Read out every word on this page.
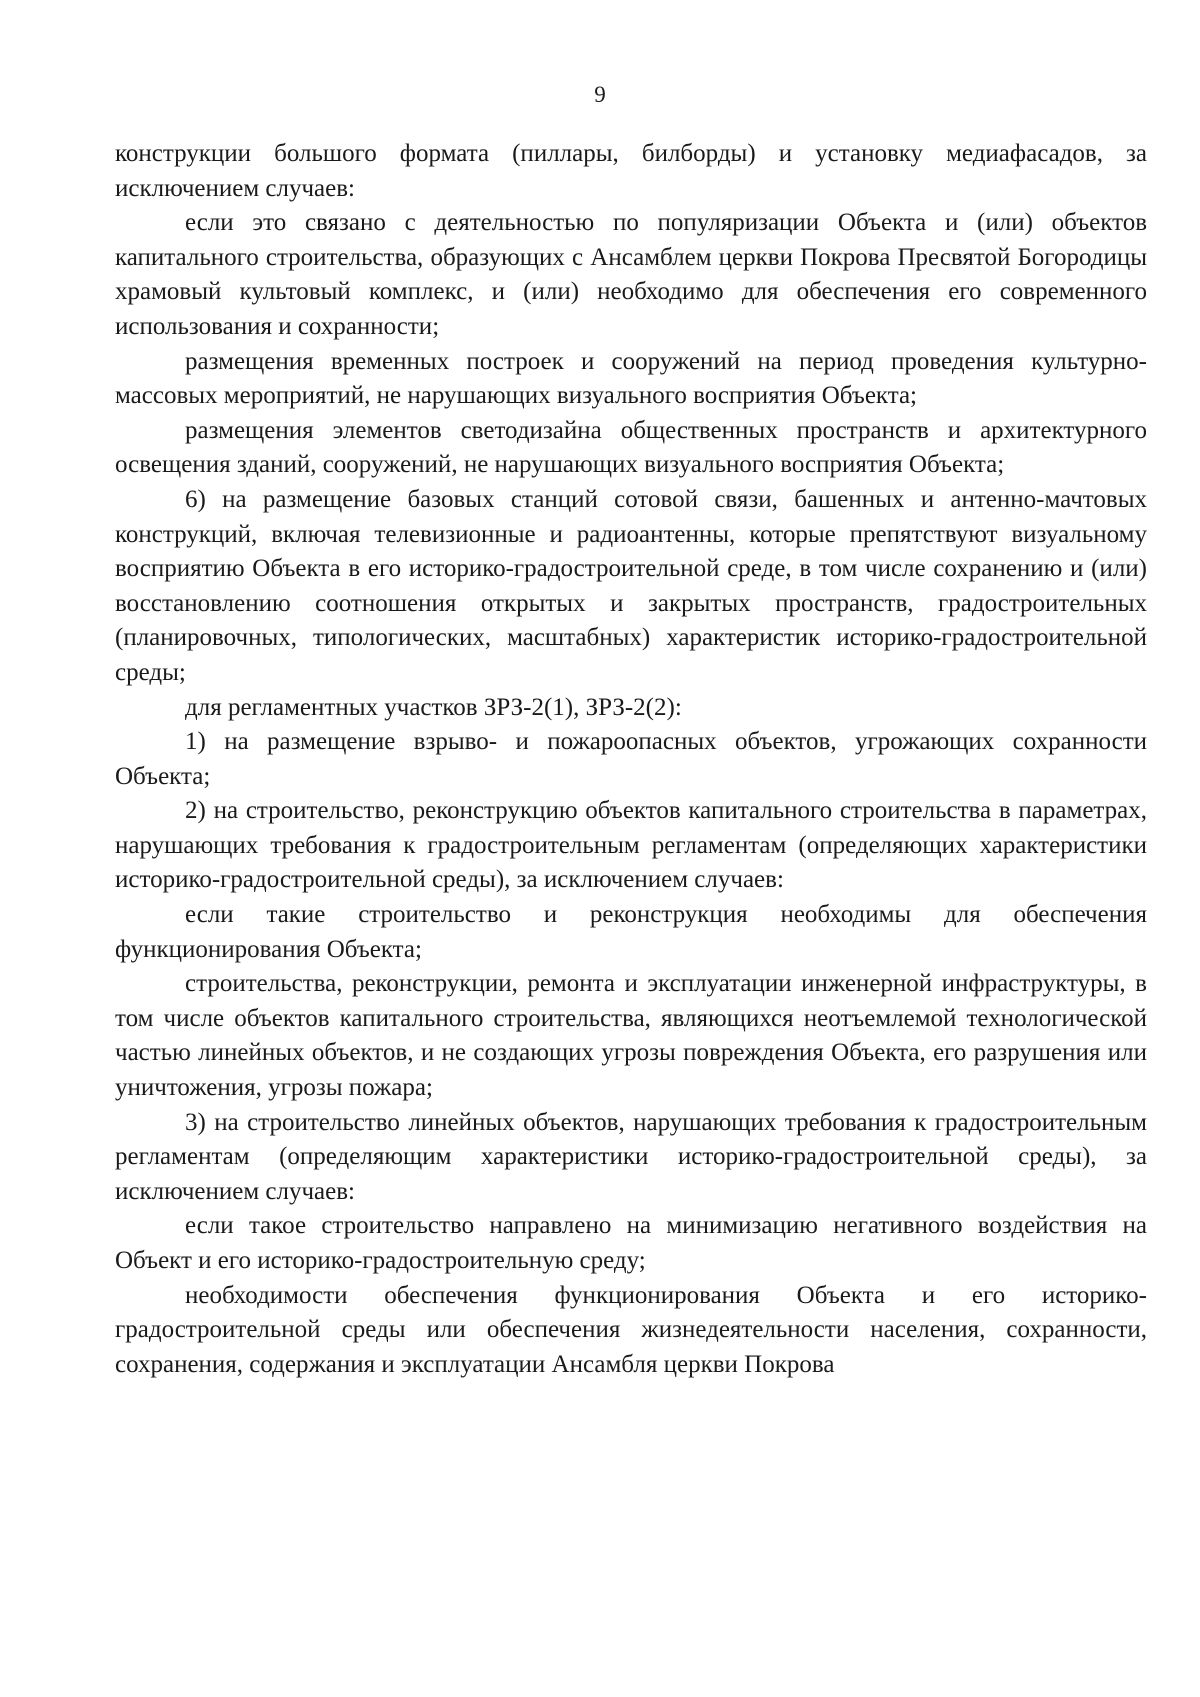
9

конструкции большого формата (пиллары, билборды) и установку медиафасадов, за исключением случаев:

если это связано с деятельностью по популяризации Объекта и (или) объектов капитального строительства, образующих с Ансамблем церкви Покрова Пресвятой Богородицы храмовый культовый комплекс, и (или) необходимо для обеспечения его современного использования и сохранности;

размещения временных построек и сооружений на период проведения культурно-массовых мероприятий, не нарушающих визуального восприятия Объекта;

размещения элементов светодизайна общественных пространств и архитектурного освещения зданий, сооружений, не нарушающих визуального восприятия Объекта;

6) на размещение базовых станций сотовой связи, башенных и антенно-мачтовых конструкций, включая телевизионные и радиоантенны, которые препятствуют визуальному восприятию Объекта в его историко-градостроительной среде, в том числе сохранению и (или) восстановлению соотношения открытых и закрытых пространств, градостроительных (планировочных, типологических, масштабных) характеристик историко-градостроительной среды;

для регламентных участков ЗРЗ-2(1), ЗРЗ-2(2):

1) на размещение взрыво- и пожароопасных объектов, угрожающих сохранности Объекта;

2) на строительство, реконструкцию объектов капитального строительства в параметрах, нарушающих требования к градостроительным регламентам (определяющих характеристики историко-градостроительной среды), за исключением случаев:

если такие строительство и реконструкция необходимы для обеспечения функционирования Объекта;

строительства, реконструкции, ремонта и эксплуатации инженерной инфраструктуры, в том числе объектов капитального строительства, являющихся неотъемлемой технологической частью линейных объектов, и не создающих угрозы повреждения Объекта, его разрушения или уничтожения, угрозы пожара;

3) на строительство линейных объектов, нарушающих требования к градостроительным регламентам (определяющим характеристики историко-градостроительной среды), за исключением случаев:

если такое строительство направлено на минимизацию негативного воздействия на Объект и его историко-градостроительную среду;

необходимости обеспечения функционирования Объекта и его историко-градостроительной среды или обеспечения жизнедеятельности населения, сохранности, сохранения, содержания и эксплуатации Ансамбля церкви Покрова
